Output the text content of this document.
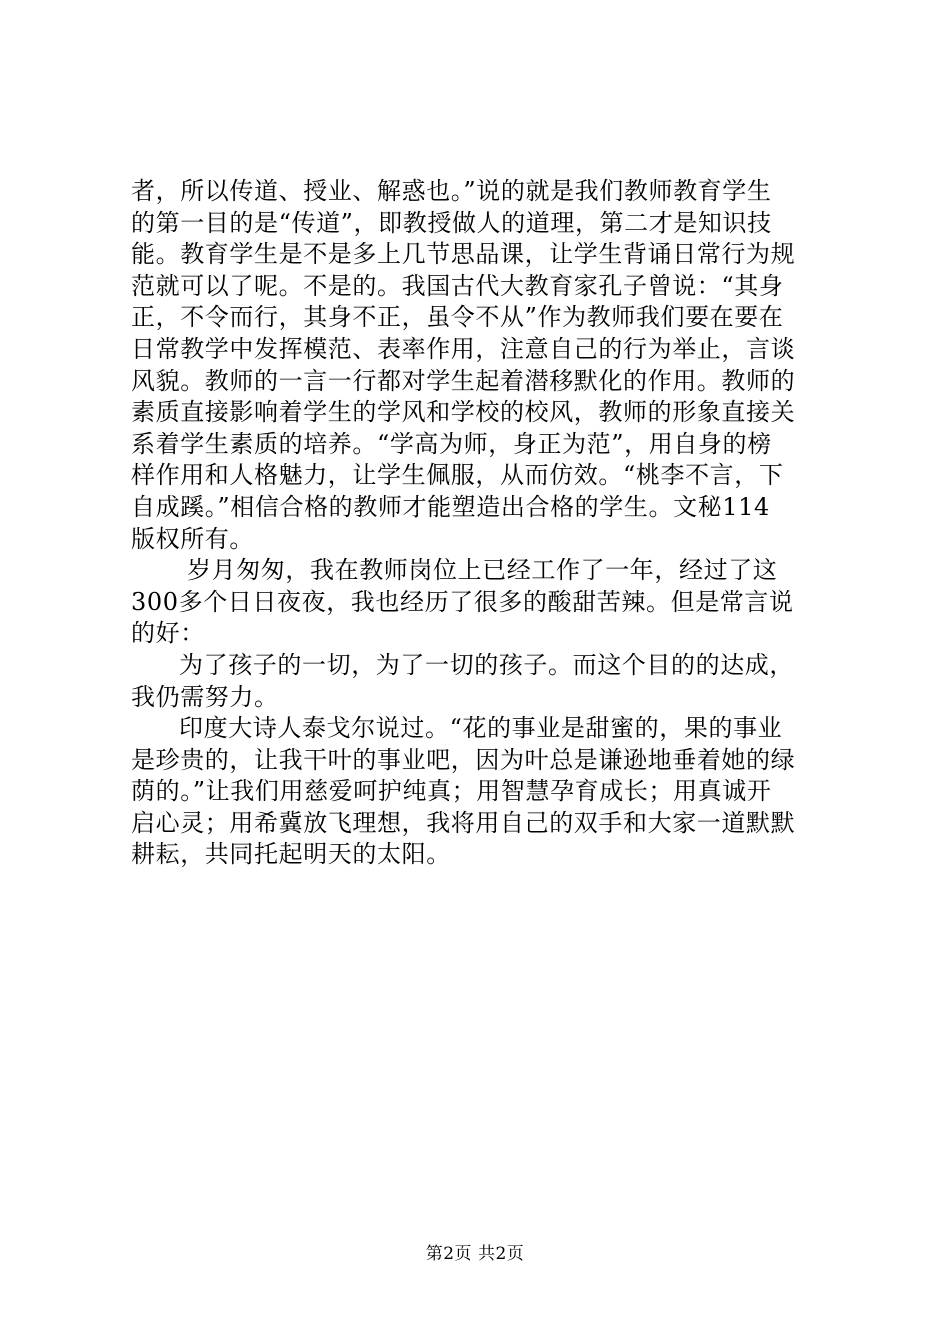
者，所以传道、授业、解惑也。”说的就是我们教师教育学生
的第一目的是“传道”，即教授做人的道理，第二才是知识技
能。教育学生是不是多上几节思品课，让学生背诵日常行为规
范就可以了呢。不是的。我国古代大教育家孔子曾说：“其身
正，不令而行，其身不正，虽令不从”作为教师我们要在要在
日常教学中发挥模范、表率作用，注意自己的行为举止，言谈
风貌。教师的一言一行都对学生起着潜移默化的作用。教师的
素质直接影响着学生的学风和学校的校风，教师的形象直接关
系着学生素质的培养。“学高为师，身正为范”，用自身的榜
样作用和人格魅力，让学生佩服，从而仿效。“桃李不言，下
自成蹊。”相信合格的教师才能塑造出合格的学生。文秘114
版权所有。
岁月匆匆，我在教师岗位上已经工作了一年，经过了这
300多个日日夜夜，我也经历了很多的酸甜苦辣。但是常言说
的好：
为了孩子的一切，为了一切的孩子。而这个目的的达成，
我仍需努力。
印度大诗人泰戈尔说过。“花的事业是甜蜜的，果的事业
是珍贵的，让我干叶的事业吧，因为叶总是谦逊地垂着她的绿
荫的。”让我们用慈爱呵护纯真；用智慧孕育成长；用真诚开
启心灵；用希冀放飞理想，我将用自己的双手和大家一道默默
耕耘，共同托起明天的太阳。
第2页 共2页
